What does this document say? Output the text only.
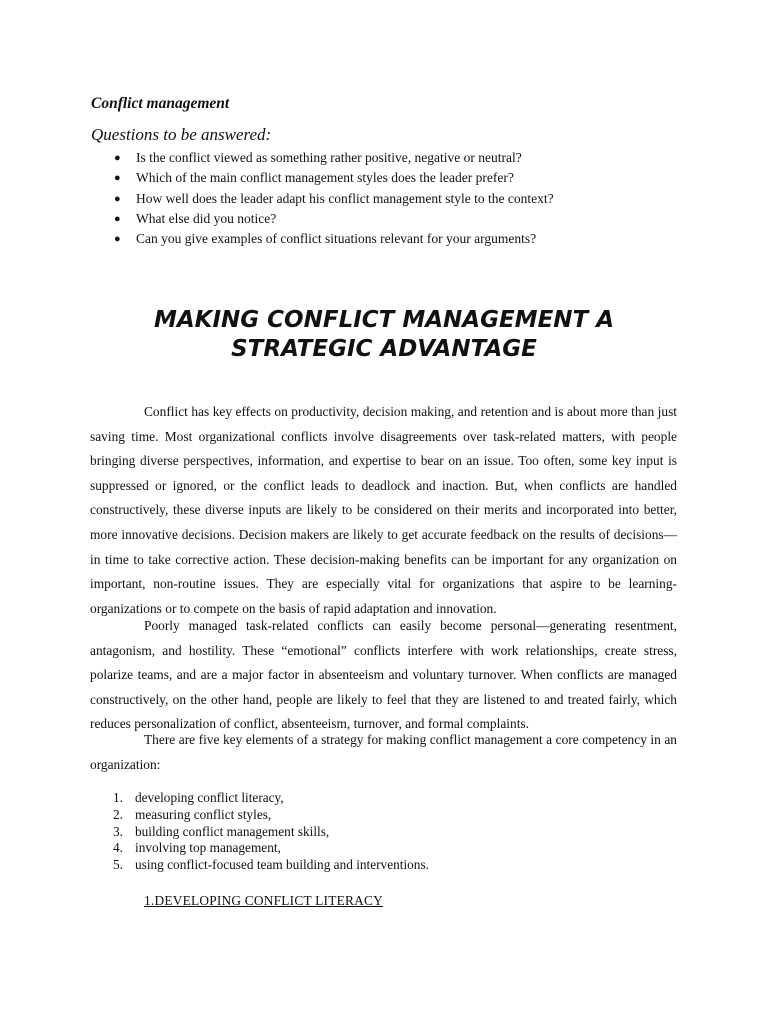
Conflict management

Questions to be answered:

● Is the conflict viewed as something rather positive, negative or neutral?
● Which of the main conflict management styles does the leader prefer?
● How well does the leader adapt his conflict management style to the context?
● What else did you notice?
● Can you give examples of conflict situations relevant for your arguments?
MAKING CONFLICT MANAGEMENT A
STRATEGIC ADVANTAGE

Conflict has key effects on productivity, decision making, and retention and is about more than just saving time. Most organizational conflicts involve disagreements over task-related matters, with people bringing diverse perspectives, information, and expertise to bear on an issue. Too often, some key input is suppressed or ignored, or the conflict leads to deadlock and inaction. But, when conflicts are handled constructively, these diverse inputs are likely to be considered on their merits and incorporated into better, more innovative decisions. Decision makers are likely to get accurate feedback on the results of decisions—in time to take corrective action. These decision-making benefits can be important for any organization on important, non-routine issues. They are especially vital for organizations that aspire to be learning-organizations or to compete on the basis of rapid adaptation and innovation.

Poorly managed task-related conflicts can easily become personal—generating resentment, antagonism, and hostility. These “emotional” conflicts interfere with work relationships, create stress, polarize teams, and are a major factor in absenteeism and voluntary turnover. When conflicts are managed constructively, on the other hand, people are likely to feel that they are listened to and treated fairly, which reduces personalization of conflict, absenteeism, turnover, and formal complaints.

There are five key elements of a strategy for making conflict management a core competency in an organization:

1. developing conflict literacy,
2. measuring conflict styles,
3. building conflict management skills,
4. involving top management,
5. using conflict-focused team building and interventions.
1.DEVELOPING CONFLICT LITERACY
